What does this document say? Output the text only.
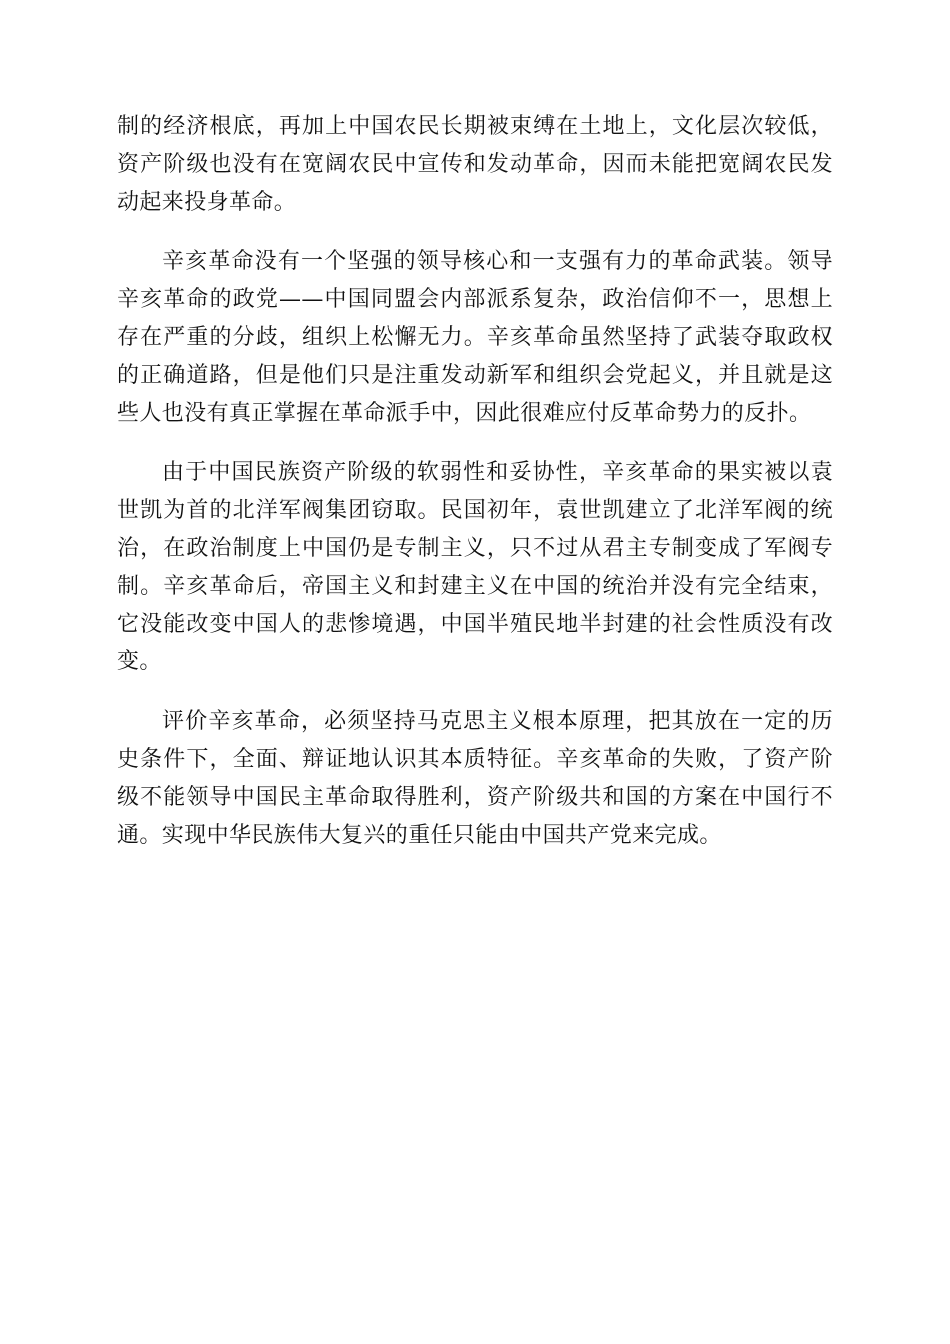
制的经济根底，再加上中国农民长期被束缚在土地上，文化层次较低，资产阶级也没有在宽阔农民中宣传和发动革命，因而未能把宽阔农民发动起来投身革命。

辛亥革命没有一个坚强的领导核心和一支强有力的革命武装。领导辛亥革命的政党——中国同盟会内部派系复杂，政治信仰不一，思想上存在严重的分歧，组织上松懈无力。辛亥革命虽然坚持了武装夺取政权的正确道路，但是他们只是注重发动新军和组织会党起义，并且就是这些人也没有真正掌握在革命派手中，因此很难应付反革命势力的反扑。

由于中国民族资产阶级的软弱性和妥协性，辛亥革命的果实被以袁世凯为首的北洋军阀集团窃取。民国初年，袁世凯建立了北洋军阀的统治，在政治制度上中国仍是专制主义，只不过从君主专制变成了军阀专制。辛亥革命后，帝国主义和封建主义在中国的统治并没有完全结束，它没能改变中国人的悲惨境遇，中国半殖民地半封建的社会性质没有改变。

评价辛亥革命，必须坚持马克思主义根本原理，把其放在一定的历史条件下，全面、辩证地认识其本质特征。辛亥革命的失败，了资产阶级不能领导中国民主革命取得胜利，资产阶级共和国的方案在中国行不通。实现中华民族伟大复兴的重任只能由中国共产党来完成。
